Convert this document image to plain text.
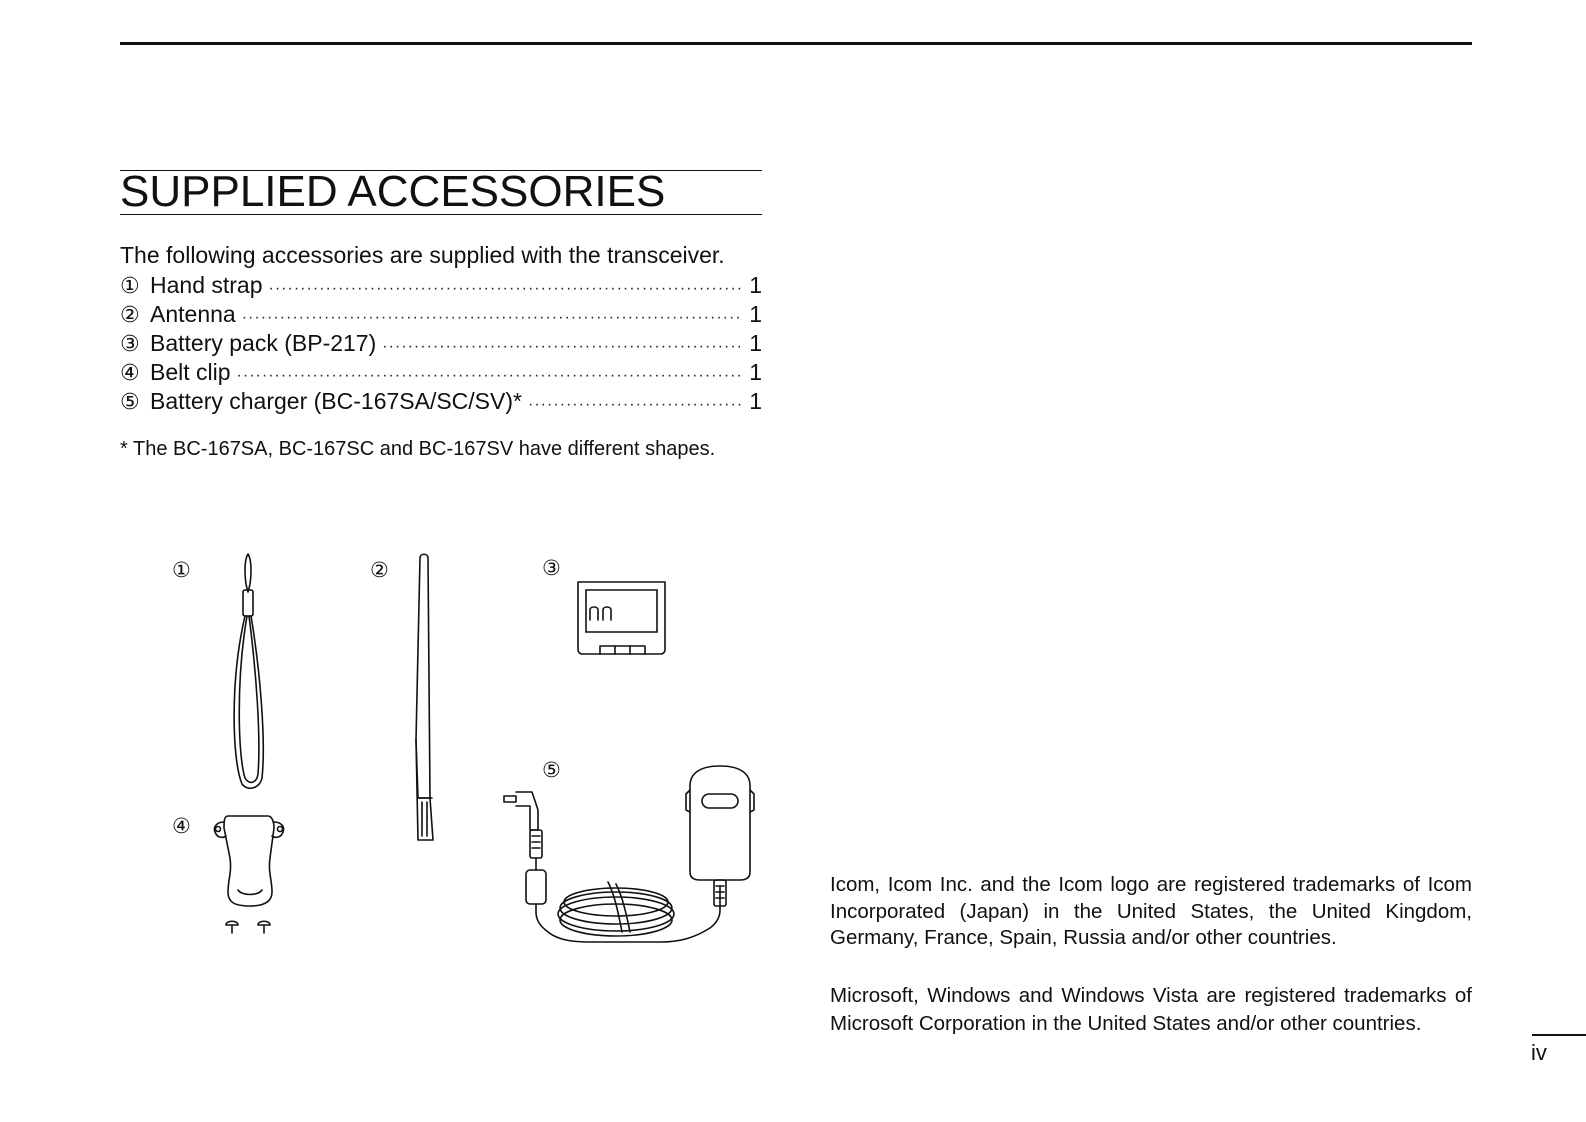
SUPPLIED ACCESSORIES
The following accessories are supplied with the transceiver.
① Hand strap ·····	1
② Antenna ·····	1
③ Battery pack (BP-217) ·····	1
④ Belt clip ·····	1
⑤ Battery charger (BC-167SA/SC/SV)* ·····	1
* The BC-167SA, BC-167SC and BC-167SV have different shapes.
①	②	③
④
⑤

Icom, Icom Inc. and the Icom logo are registered trademarks of Icom Incorporated (Japan) in the United States, the United Kingdom, Germany, France, Spain, Russia and/or other countries.

Microsoft, Windows and Windows Vista are registered trademarks of Microsoft Corporation in the United States and/or other countries.

iv
